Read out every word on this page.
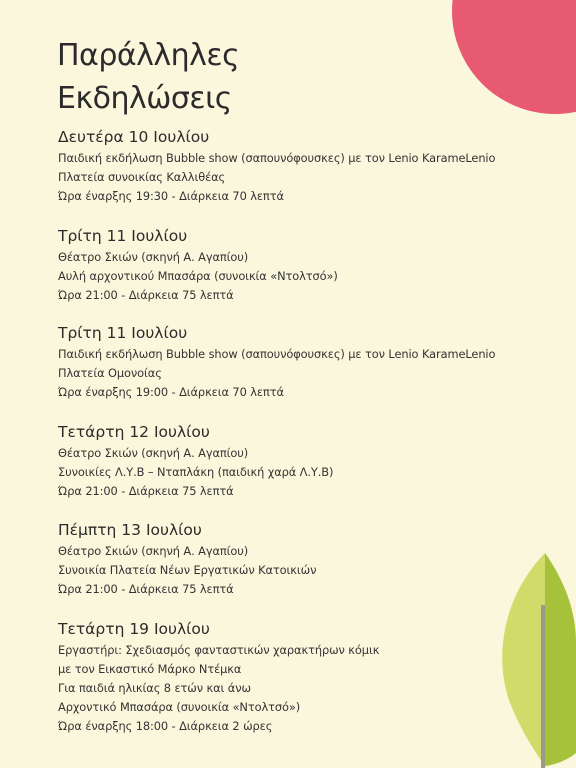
Παράλληλες
Εκδηλώσεις
Δευτέρα 10 Ιουλίου
Παιδική εκδήλωση Bubble show (σαπουνόφουσκες) με τον Lenio KarameLenio
Πλατεία συνοικίας Καλλιθέας
Ώρα έναρξης 19:30 - Διάρκεια 70 λεπτά
Τρίτη 11 Ιουλίου
Θέατρο Σκιών (σκηνή Α. Αγαπίου)
Αυλή αρχοντικού Μπασάρα (συνοικία «Ντολτσό»)
Ώρα 21:00 - Διάρκεια 75 λεπτά
Τρίτη 11 Ιουλίου
Παιδική εκδήλωση Bubble show (σαπουνόφουσκες) με τον Lenio KarameLenio
Πλατεία Ομονοίας
Ώρα έναρξης 19:00 - Διάρκεια 70 λεπτά
Τετάρτη 12 Ιουλίου
Θέατρο Σκιών (σκηνή Α. Αγαπίου)
Συνοικίες Λ.Υ.Β – Νταπλάκη (παιδική χαρά Λ.Υ.Β)
Ώρα 21:00 - Διάρκεια 75 λεπτά
Πέμπτη 13 Ιουλίου
Θέατρο Σκιών (σκηνή Α. Αγαπίου)
Συνοικία Πλατεία Νέων Εργατικών Κατοικιών
Ώρα 21:00 - Διάρκεια 75 λεπτά
Τετάρτη 19 Ιουλίου
Εργαστήρι: Σχεδιασμός φανταστικών χαρακτήρων κόμικ
με τον Εικαστικό Μάρκο Ντέμκα
Για παιδιά ηλικίας 8 ετών και άνω
Αρχοντικό Μπασάρα (συνοικία «Ντολτσό»)
Ώρα έναρξης 18:00 - Διάρκεια 2 ώρες
